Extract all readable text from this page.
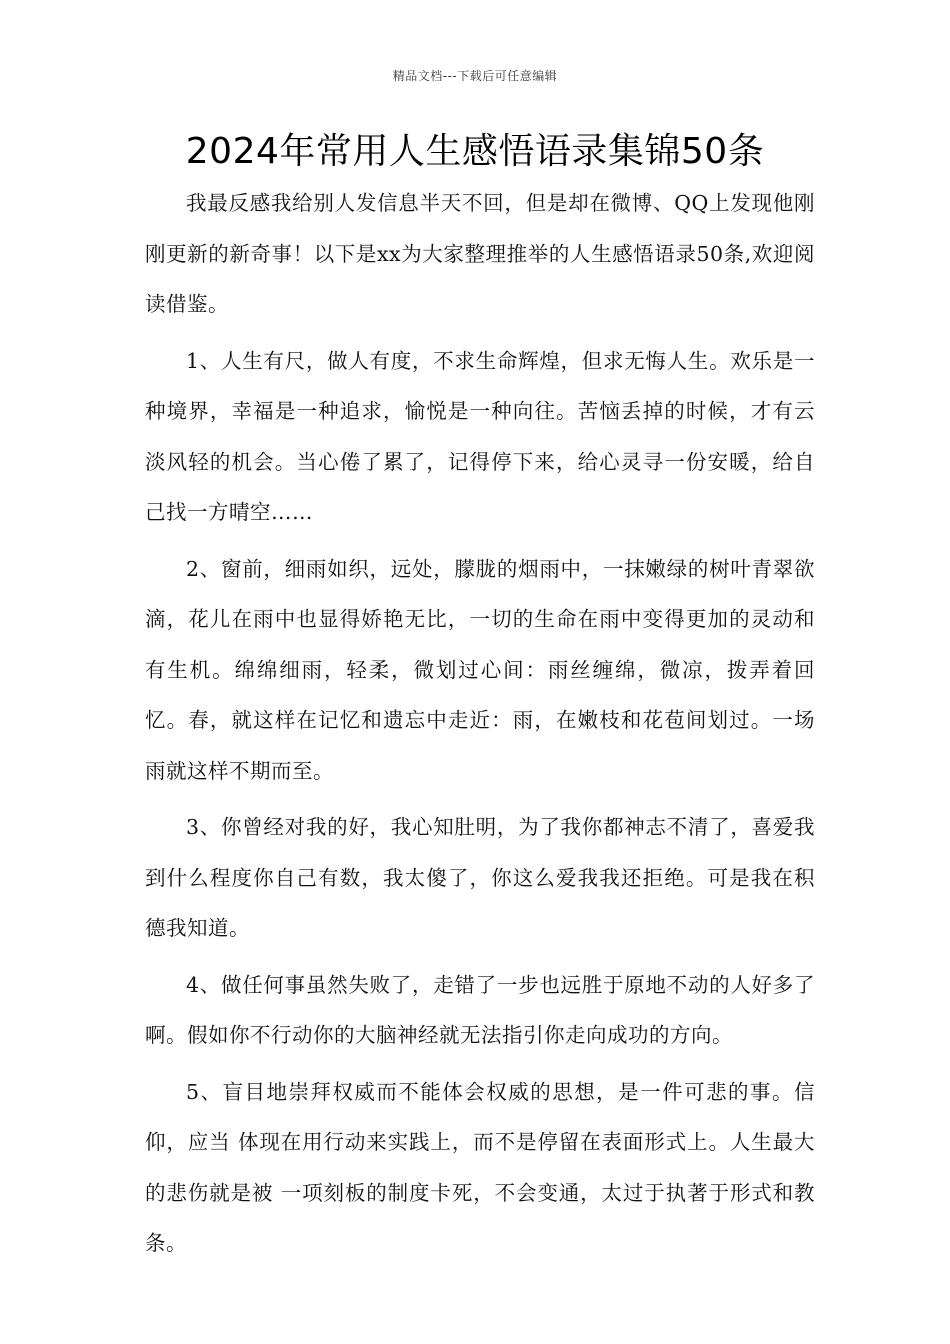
精品文档---下载后可任意编辑
2024年常用人生感悟语录集锦50条

我最反感我给别人发信息半天不回，但是却在微博、QQ上发现他刚刚更新的新奇事！以下是xx为大家整理推举的人生感悟语录50条,欢迎阅读借鉴。

1、人生有尺，做人有度，不求生命辉煌，但求无悔人生。欢乐是一种境界，幸福是一种追求，愉悦是一种向往。苦恼丢掉的时候，才有云淡风轻的机会。当心倦了累了，记得停下来，给心灵寻一份安暖，给自己找一方晴空……

2、窗前，细雨如织，远处，朦胧的烟雨中，一抹嫩绿的树叶青翠欲滴，花儿在雨中也显得娇艳无比，一切的生命在雨中变得更加的灵动和有生机。绵绵细雨，轻柔，微划过心间：雨丝缠绵，微凉，拨弄着回忆。春，就这样在记忆和遗忘中走近：雨，在嫩枝和花苞间划过。一场雨就这样不期而至。

3、你曾经对我的好，我心知肚明，为了我你都神志不清了，喜爱我到什么程度你自己有数，我太傻了，你这么爱我我还拒绝。可是我在积德我知道。

4、做任何事虽然失败了，走错了一步也远胜于原地不动的人好多了啊。假如你不行动你的大脑神经就无法指引你走向成功的方向。

5、盲目地崇拜权威而不能体会权威的思想，是一件可悲的事。信仰，应当 体现在用行动来实践上，而不是停留在表面形式上。人生最大的悲伤就是被 一项刻板的制度卡死，不会变通，太过于执著于形式和教条。
